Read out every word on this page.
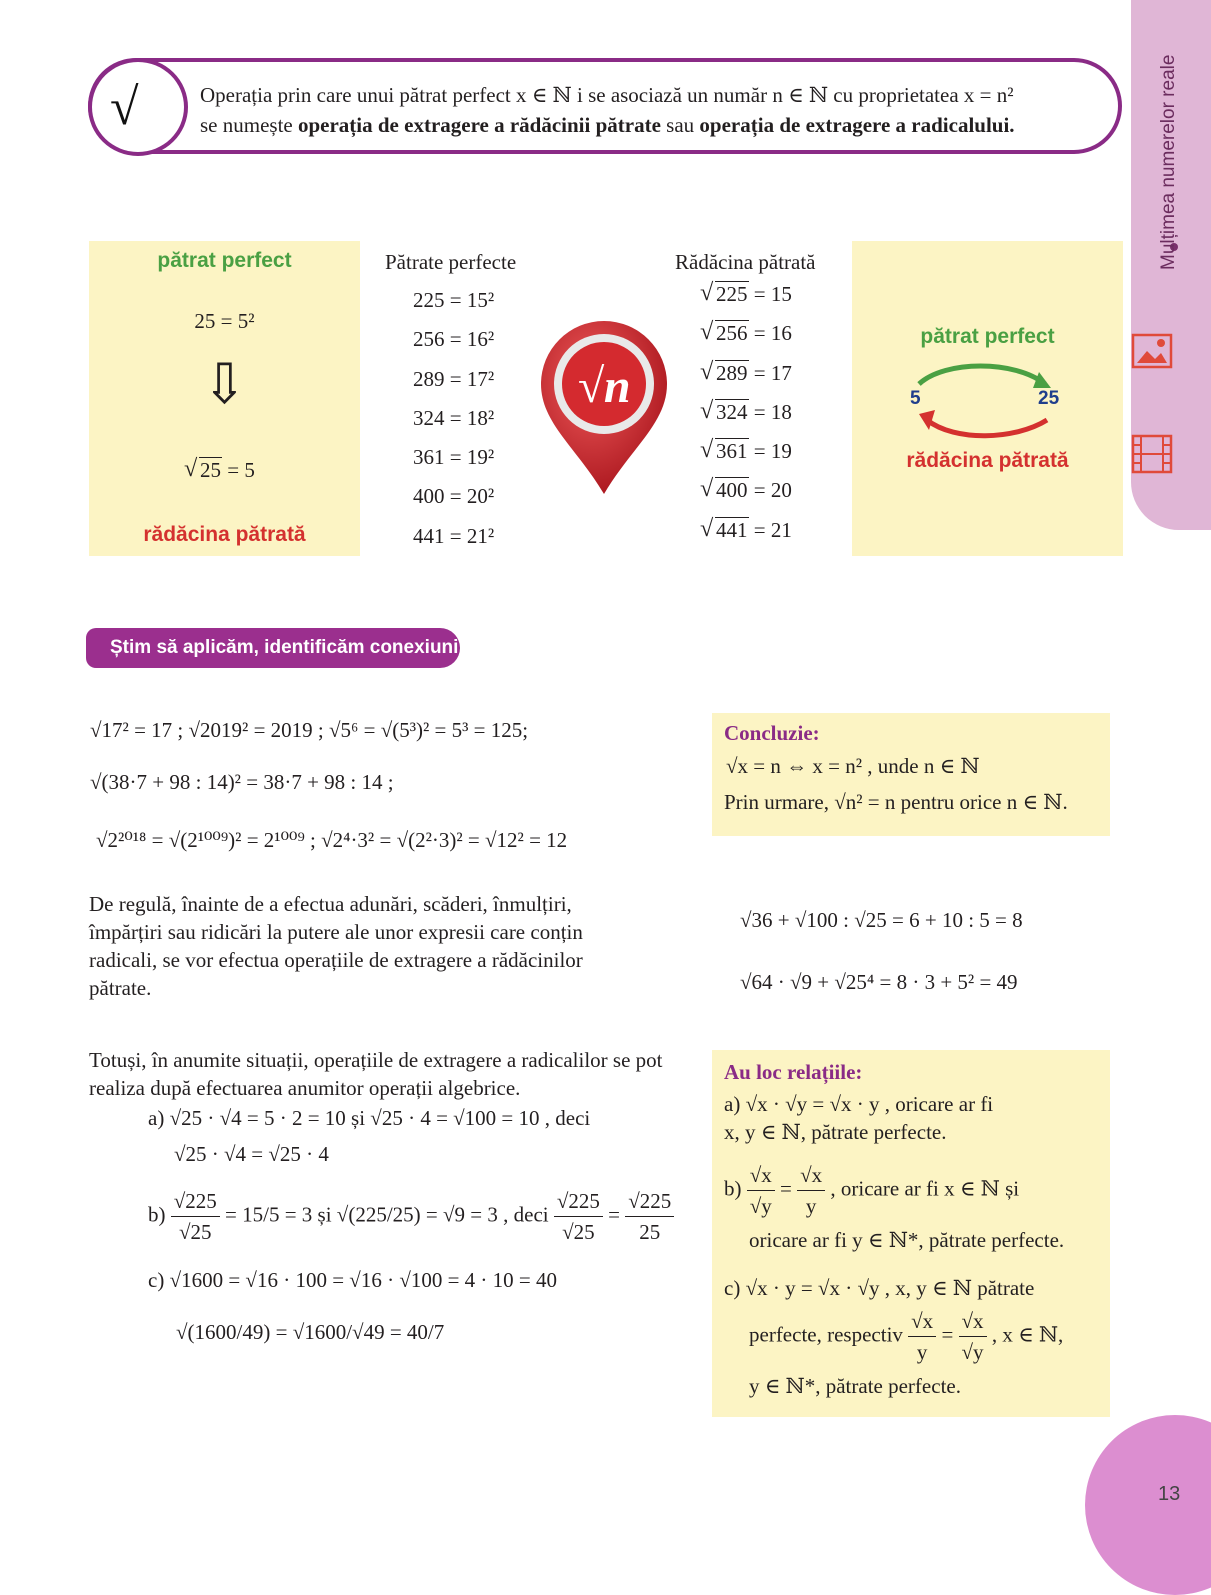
Mulțimea numerelor reale
√	Operația prin care unui pătrat perfect x ∈ ℕ i se asociază un număr n ∈ ℕ cu proprietatea x = n²
se numește operația de extragere a rădăcinii pătrate sau operația de extragere a radicalului.
pătrat perfect
25 = 5²
⇩
√ 25 = 5
rădăcina pătrată
Pătrate perfecte
225 = 15²
256 = 16²
289 = 17²
324 = 18²
361 = 19²
400 = 20²
441 = 21²
√n
Rădăcina pătrată
√ 225 = 15
√ 256 = 16
√ 289 = 17
√ 324 = 18
√ 361 = 19
√ 400 = 20
√ 441 = 21
pătrat perfect
5	25
rădăcina pătrată
Știm să aplicăm, identificăm conexiuni
√17² = 17 ; √2019² = 2019 ; √5⁶ = √(5³)² = 5³ = 125;
√(38·7 + 98 : 14)² = 38·7 + 98 : 14 ;
√2²⁰¹⁸ = √(2¹⁰⁰⁹)² = 2¹⁰⁰⁹ ; √2⁴·3² = √(2²·3)² = √12² = 12
Concluzie:
√x = n ⇔ x = n² , unde n ∈ ℕ
Prin urmare, √n² = n pentru orice n ∈ ℕ.
De regulă, înainte de a efectua adunări, scăderi, înmulțiri, împărțiri sau ridicări la putere ale unor expresii care conțin radicali, se vor efectua operațiile de extragere a rădăcinilor pătrate.
√36 + √100 : √25 = 6 + 10 : 5 = 8
√64 · √9 + √25⁴ = 8 · 3 + 5² = 49
Totuși, în anumite situații, operațiile de extragere a radicalilor se pot realiza după efectuarea anumitor operații algebrice.
a) √25 · √4 = 5 · 2 = 10 și √25 · 4 = √100 = 10 , deci
√25 · √4 = √25 · 4
$b) \frac{√225}{√25} = 15/5 = 3$ și √(225/25) = √9 = 3 , deci $\frac{√225}{√25} = \frac{√225}{25}$
c) √1600 = √16 · 100 = √16 · √100 = 4 · 10 = 40
√(1600/49) = √1600/√49 = 40/7
Au loc relațiile:
a) √x · √y = √x · y , oricare ar fi
x, y ∈ ℕ, pătrate perfecte.
$b) \frac{√x}{√y} = \frac{√x}{y}$ , oricare ar fi x ∈ ℕ și
oricare ar fi y ∈ ℕ*, pătrate perfecte.
c) √x · y = √x · √y , x, y ∈ ℕ pătrate
perfecte, respectiv $\frac{√x}{y} = \frac{√x}{√y}$ , x ∈ ℕ,
y ∈ ℕ*, pătrate perfecte.
13
